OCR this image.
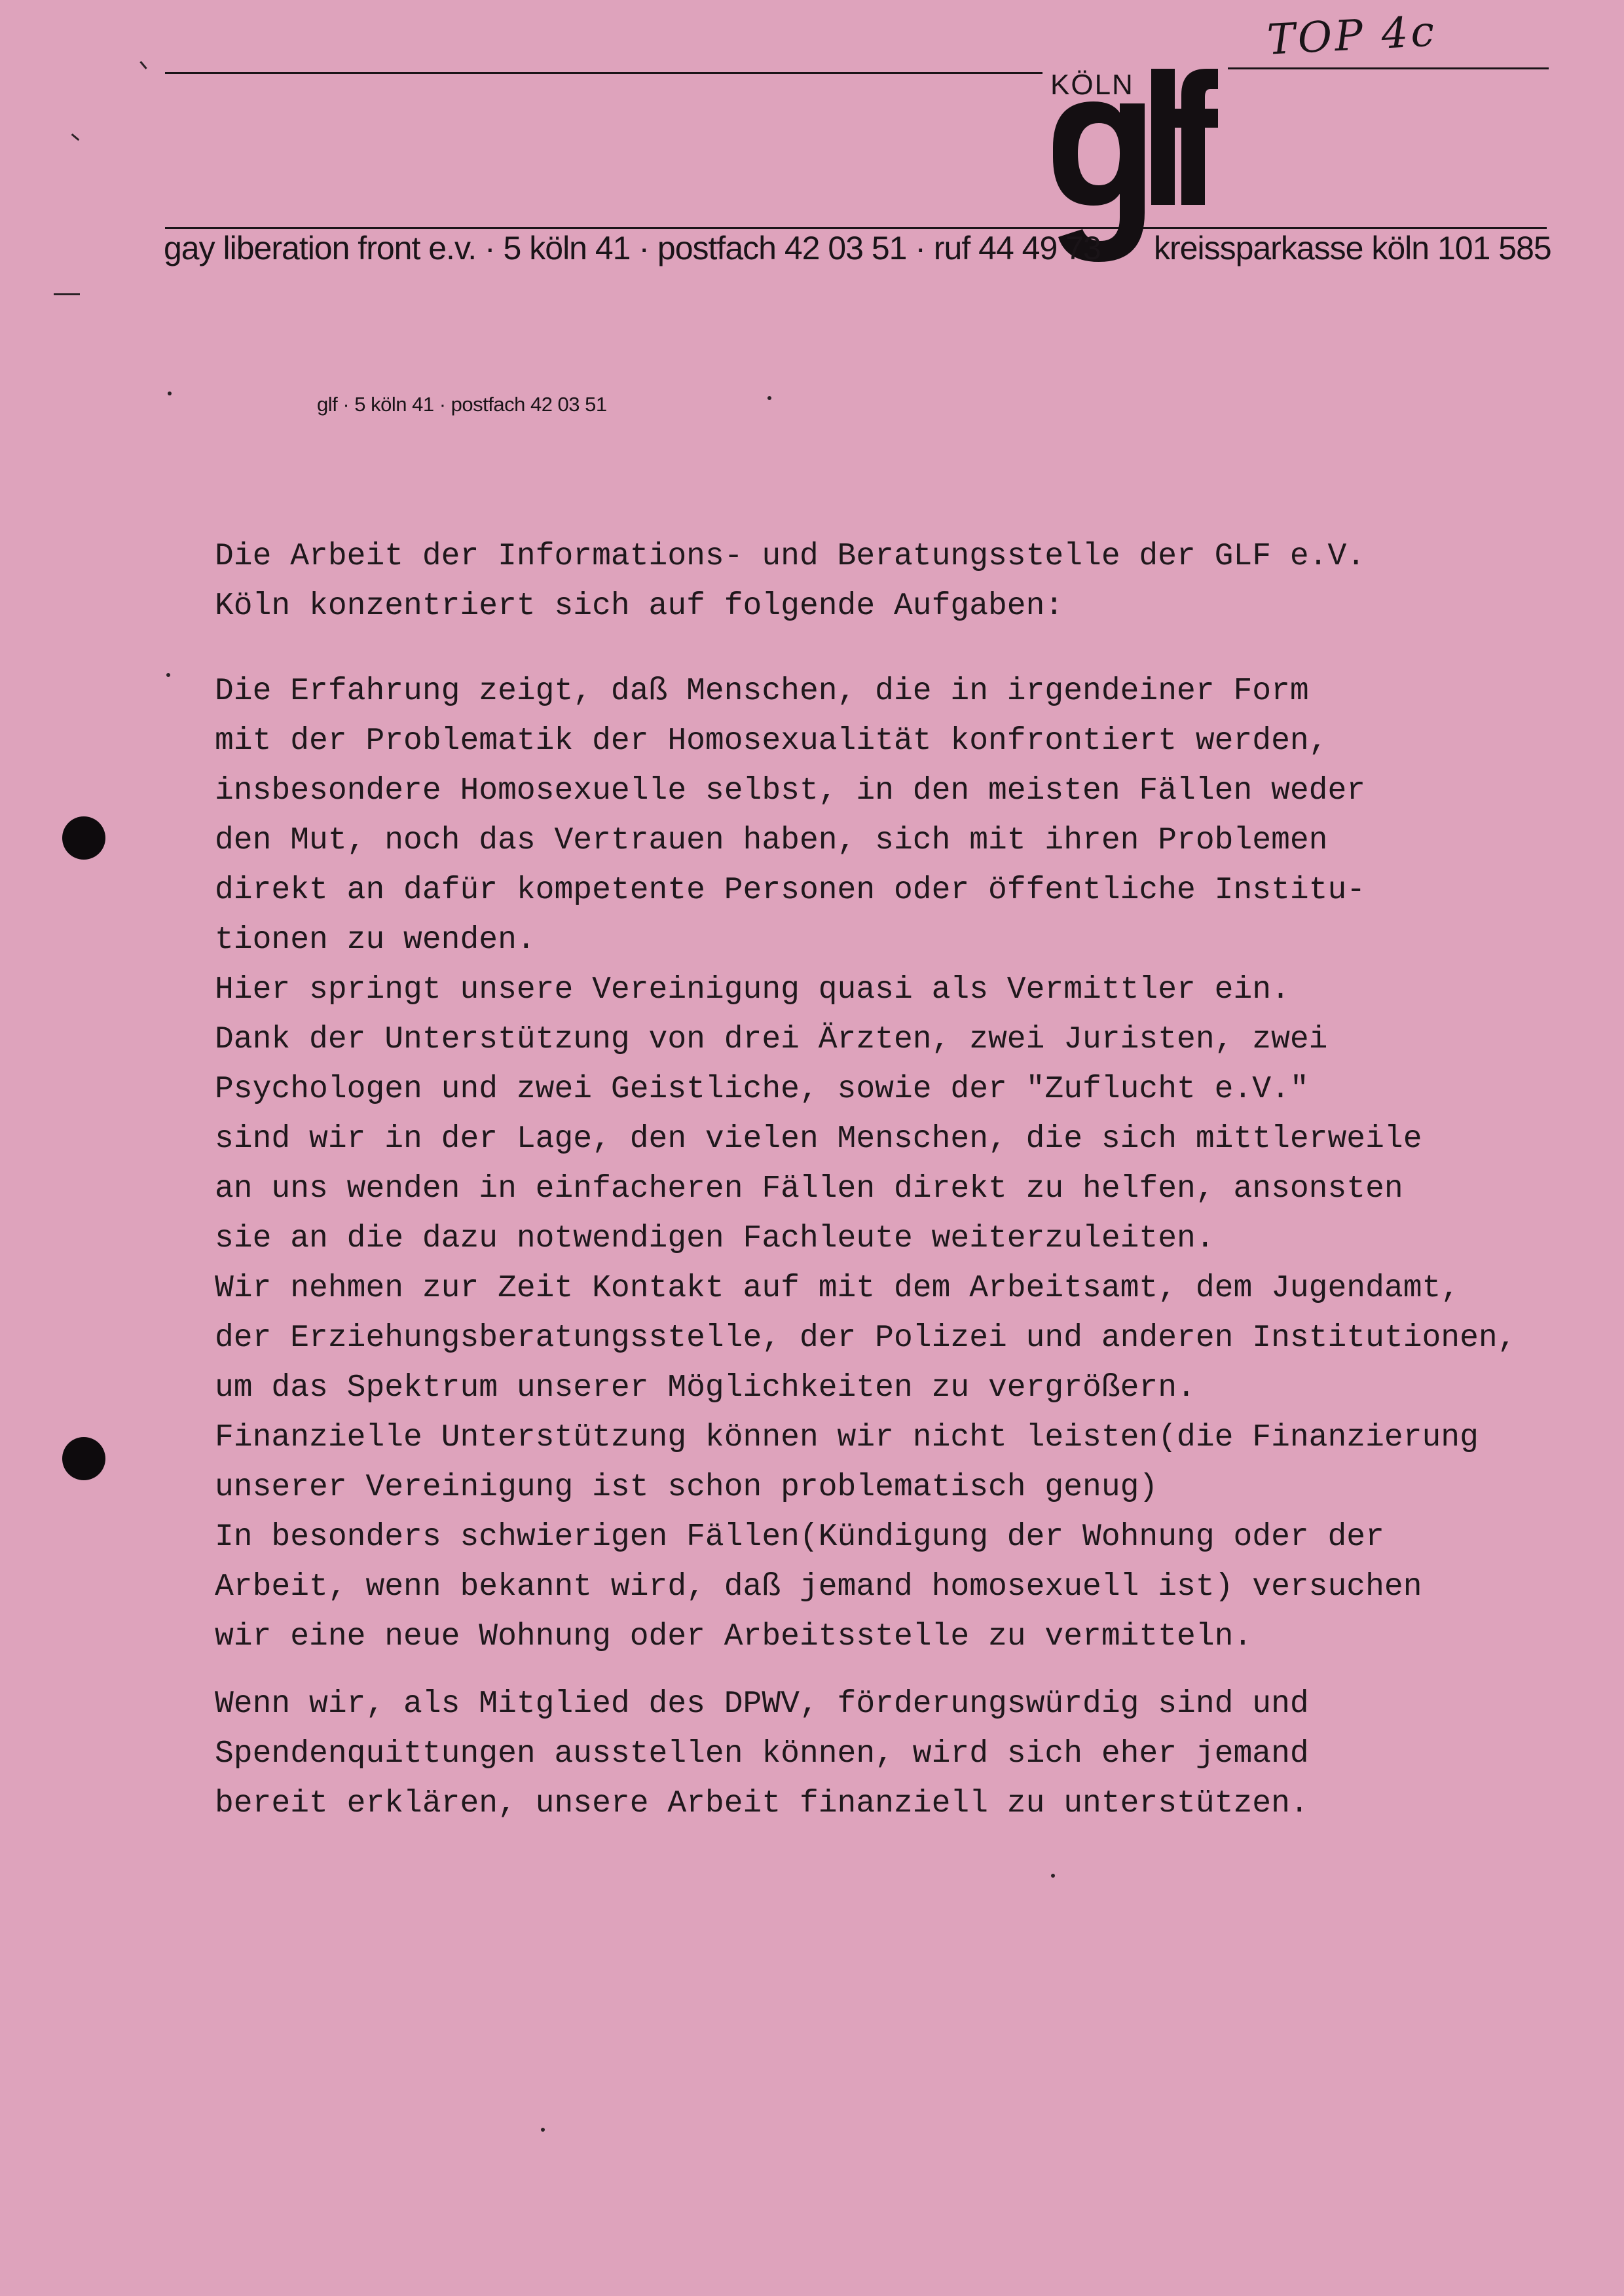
TOP 4c
KÖLN
gay liberation front e.v. · 5 köln 41 · postfach 42 03 51 · ruf 44 49 73 kreissparkasse köln 101 585
glf · 5 köln 41 · postfach 42 03 51
Die Arbeit der Informations- und Beratungsstelle der GLF e.V.
Köln konzentriert sich auf folgende Aufgaben:
Die Erfahrung zeigt, daß Menschen, die in irgendeiner Form
mit der Problematik der Homosexualität konfrontiert werden,
insbesondere Homosexuelle selbst, in den meisten Fällen weder
den Mut, noch das Vertrauen haben, sich mit ihren Problemen
direkt an dafür kompetente Personen oder öffentliche Institu-
tionen zu wenden.
Hier springt unsere Vereinigung quasi als Vermittler ein.
Dank der Unterstützung von drei Ärzten, zwei Juristen, zwei
Psychologen und zwei Geistliche, sowie der "Zuflucht e.V."
sind wir in der Lage, den vielen Menschen, die sich mittlerweile
an uns wenden in einfacheren Fällen direkt zu helfen, ansonsten
sie an die dazu notwendigen Fachleute weiterzuleiten.
Wir nehmen zur Zeit Kontakt auf mit dem Arbeitsamt, dem Jugendamt,
der Erziehungsberatungsstelle, der Polizei und anderen Institutionen,
um das Spektrum unserer Möglichkeiten zu vergrößern.
Finanzielle Unterstützung können wir nicht leisten(die Finanzierung
unserer Vereinigung ist schon problematisch genug)
In besonders schwierigen Fällen(Kündigung der Wohnung oder der
Arbeit, wenn bekannt wird, daß jemand homosexuell ist) versuchen
wir eine neue Wohnung oder Arbeitsstelle zu vermitteln.
Wenn wir, als Mitglied des DPWV, förderungswürdig sind und
Spendenquittungen ausstellen können, wird sich eher jemand
bereit erklären, unsere Arbeit finanziell zu unterstützen.
